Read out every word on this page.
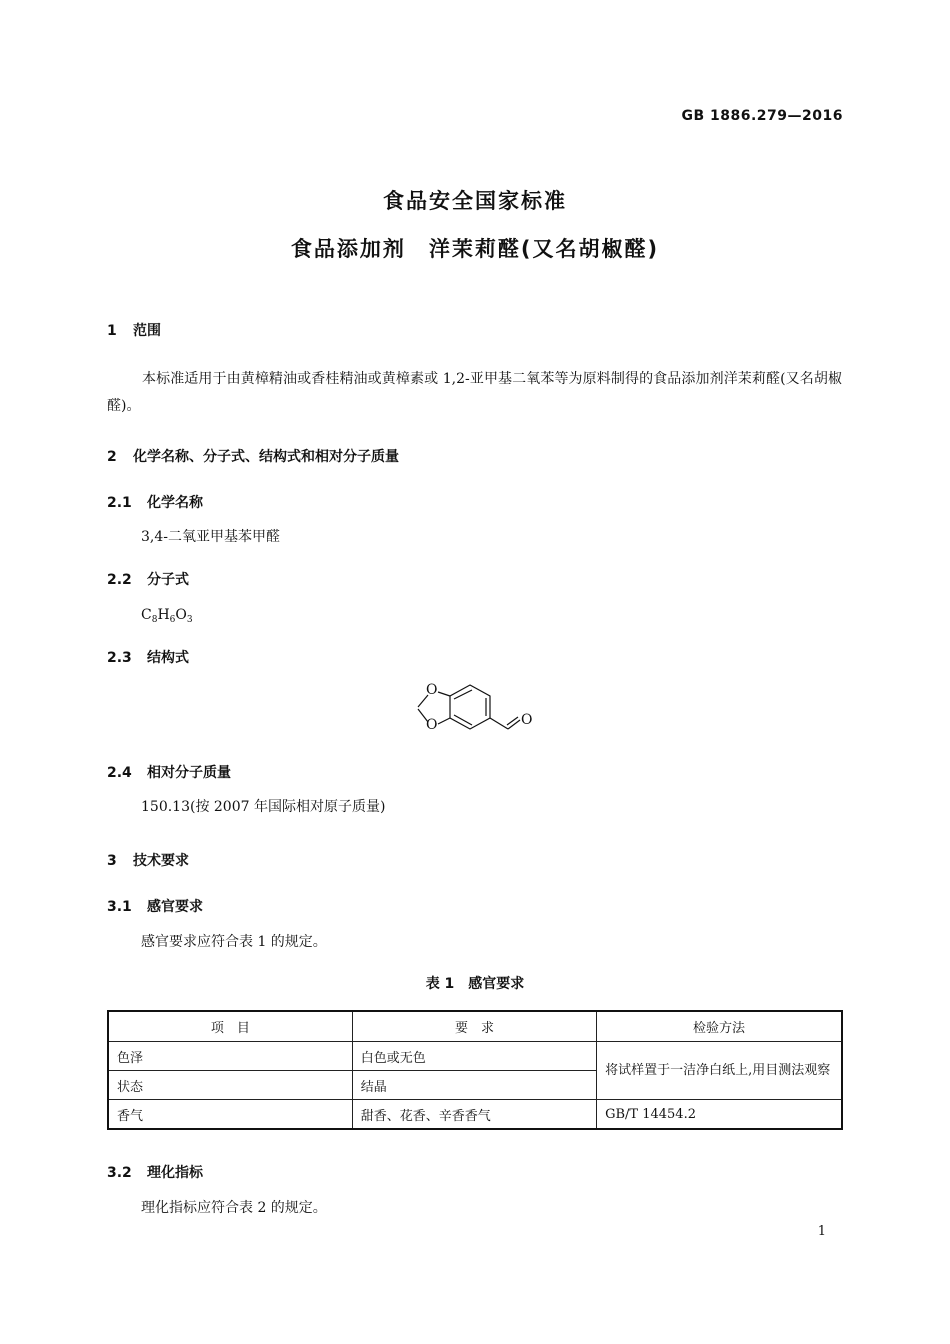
GB 1886.279—2016
食品安全国家标准
食品添加剂　洋茉莉醛(又名胡椒醛)
1 范围
本标准适用于由黄樟精油或香桂精油或黄樟素或 1,2-亚甲基二氧苯等为原料制得的食品添加剂洋茉莉醛(又名胡椒醛)。
2 化学名称、分子式、结构式和相对分子质量
2.1 化学名称
3,4-二氧亚甲基苯甲醛
2.2 分子式
$C_8H_6O_3$
2.3 结构式
O
O	O
2.4 相对分子质量
150.13(按 2007 年国际相对原子质量)
3 技术要求
3.1 感官要求
感官要求应符合表 1 的规定。
表 1　感官要求
项　目	要　求	检验方法
色泽	白色或无色	将试样置于一洁净白纸上,用目测法观察
状态	结晶	
香气	甜香、花香、辛香香气	GB/T 14454.2
3.2 理化指标
理化指标应符合表 2 的规定。
1
